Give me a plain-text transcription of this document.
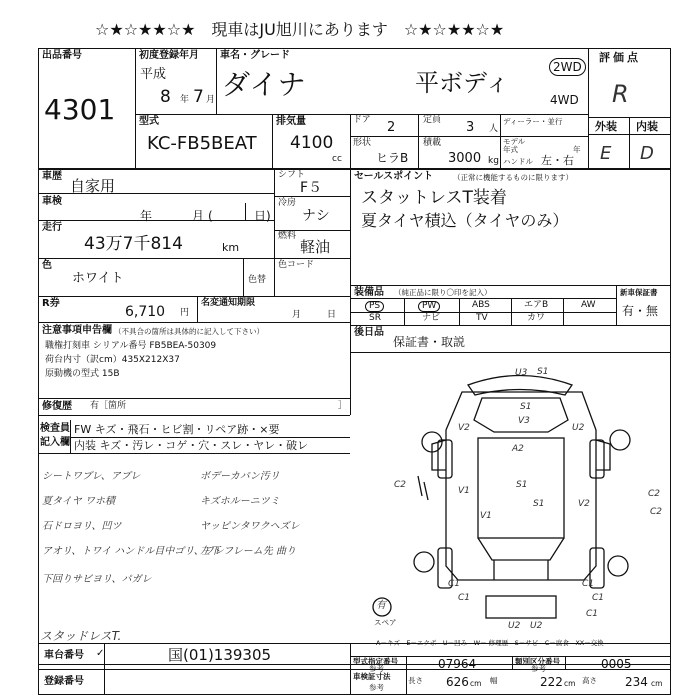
☆★☆★★☆★　現車はJU旭川にあります　☆★☆★★☆★
出品番号
4301
初度登録年月
平成
8 年 7 月
車名・グレード
ダイナ	平ボディ
2WD
4WD
型式
KC-FB5BEAT
排気量
4100
cc
ドア 2	定員 3 人
形状
ヒラB
積載
3000 kg
ディーラー・並行
モデル年式	年
ハンドル 左・右
評価点
R
外装 内装
E D
車歴
自家用
車検
年	月 (	日)
走行
43万7千814	km
シフト
F５
冷房
ナシ
燃料
軽油
色
ホワイト	色替
色コード
R券
6,710 円
名変通知期限
月	日
注意事項申告欄 （不具合の箇所は具体的に記入して下さい）
職権打刻車 シリアル番号 FB5BEA-50309
荷台内寸（訳cm）435X212X37
原動機の型式 15B
修復歴 有［箇所	］
セールスポイント	（正常に機能するものに限ります）
スタットレスT装着
夏タイヤ積込（タイヤのみ）
装備品 （純正品に限り〇印を記入）
PS	PW	ABS	エアB	AW
SR	ナビ	TV	カワ
新車保証書
有・無
後日品
保証書・取説
検査員
記入欄
FW キズ・飛石・ヒビ割・リペア跡・×要
内装 キズ・汚レ・コゲ・穴・スレ・ヤレ・破レ
シートワブレ、アブレ
夏タイヤ ワホ積
石ドロヨリ、凹ツ
アオリ、トワイ ハンドル目中ゴリ、ワレ
下回りサビヨリ、パガレ
ボデーカバン汚リ
キズホルーニツミ
ヤッピンタワクヘズレ
左下 フレーム先 曲り
スタッドレスT.
U3 S1
S1
V2	U2
V3
A2
S1
S1
V1
V1
V2
C2
C2
C2
C1
C1
C1
C1
C1
U2 U2
有
スペア
A－キズ　E－エクボ　U－凹み　W－ 修理歴　S－サビ　C－腐食　XX－交換
車台番号 ✓	国(01)139305
登録番号
型式指定番号
参考	07964	類別区分番号
参考	0005
車検証寸法
参考
長さ 626 cm 幅	222 cm 高さ 234 cm
